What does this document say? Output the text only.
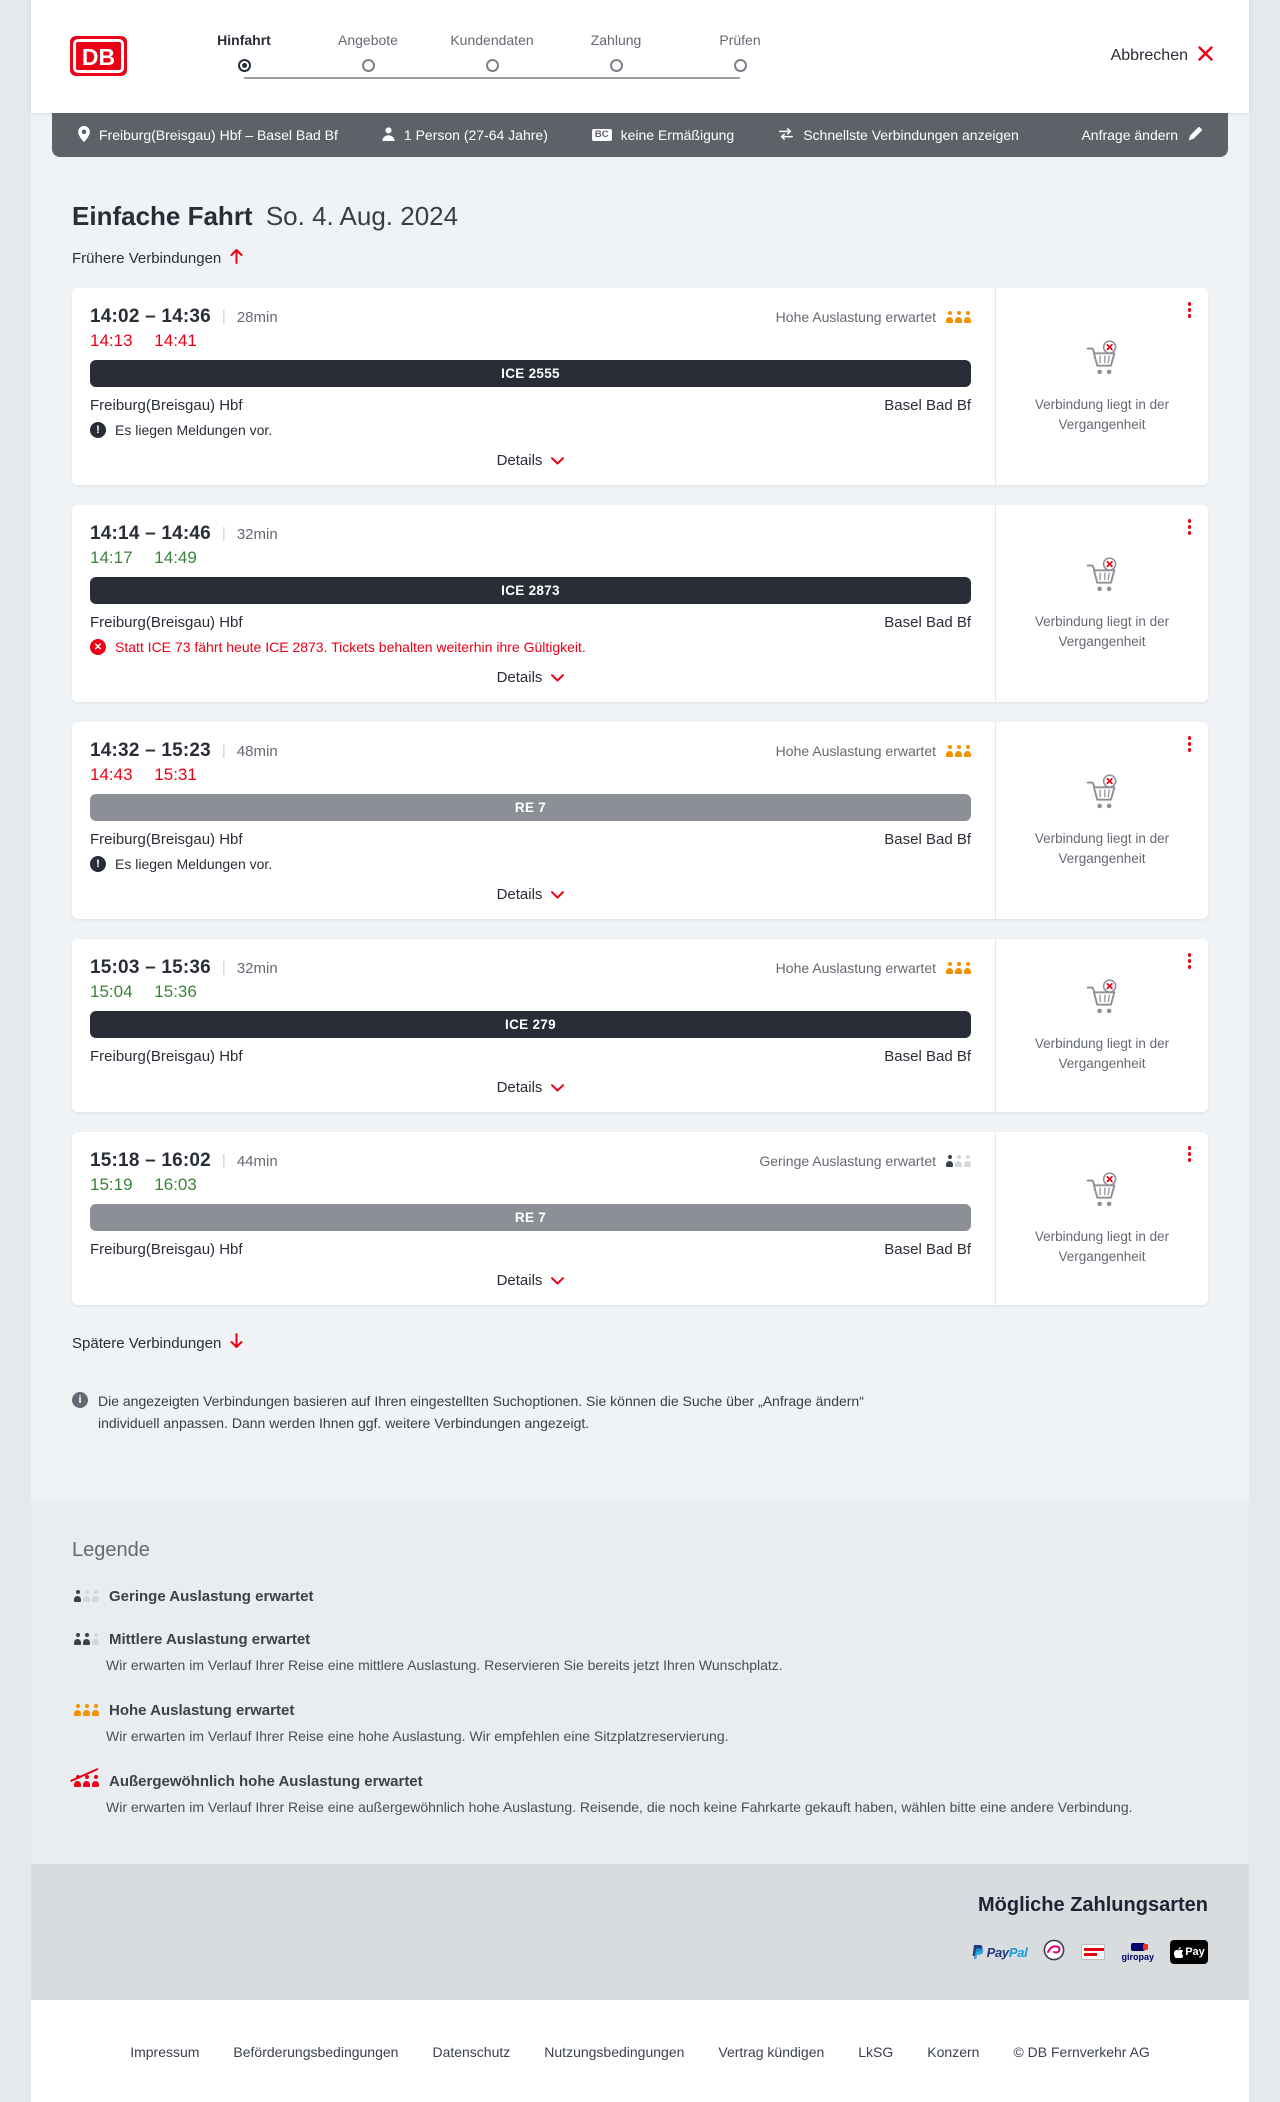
DB
Hinfahrt	Angebote	Kundendaten	Zahlung	Prüfen
Abbrechen
Freiburg(Breisgau) Hbf – Basel Bad Bf	1 Person (27-64 Jahre)	BC keine Ermäßigung	Schnellste Verbindungen anzeigen	Anfrage ändern
Einfache Fahrt So. 4. Aug. 2024
Frühere Verbindungen
14:02 – 14:36 | 28min	Hohe Auslastung erwartet
14:13 14:41
ICE 2555
Freiburg(Breisgau) Hbf	Basel Bad Bf
!
Es liegen Meldungen vor.
Details
Verbindung liegt in der Vergangenheit
14:14 – 14:46 | 32min
14:17 14:49
ICE 2873
Freiburg(Breisgau) Hbf	Basel Bad Bf
✕
Statt ICE 73 fährt heute ICE 2873. Tickets behalten weiterhin ihre Gültigkeit.
Details
Verbindung liegt in der Vergangenheit
14:32 – 15:23 | 48min	Hohe Auslastung erwartet
14:43 15:31
RE 7
Freiburg(Breisgau) Hbf	Basel Bad Bf
!
Es liegen Meldungen vor.
Details
Verbindung liegt in der Vergangenheit
15:03 – 15:36 | 32min	Hohe Auslastung erwartet
15:04 15:36
ICE 279
Freiburg(Breisgau) Hbf	Basel Bad Bf
Details
Verbindung liegt in der Vergangenheit
15:18 – 16:02 | 44min	Geringe Auslastung erwartet
15:19 16:03
RE 7
Freiburg(Breisgau) Hbf	Basel Bad Bf
Details
Verbindung liegt in der Vergangenheit
Spätere Verbindungen
i	Die angezeigten Verbindungen basieren auf Ihren eingestellten Suchoptionen. Sie können die Suche über „Anfrage ändern“ individuell anpassen. Dann werden Ihnen ggf. weitere Verbindungen angezeigt.
Legende
Geringe Auslastung erwartet
Mittlere Auslastung erwartet

Wir erwarten im Verlauf Ihrer Reise eine mittlere Auslastung. Reservieren Sie bereits jetzt Ihren Wunschplatz.

Hohe Auslastung erwartet

Wir erwarten im Verlauf Ihrer Reise eine hohe Auslastung. Wir empfehlen eine Sitzplatzreservierung.

Außergewöhnlich hohe Auslastung erwartet

Wir erwarten im Verlauf Ihrer Reise eine außergewöhnlich hohe Auslastung. Reisende, die noch keine Fahrkarte gekauft haben, wählen bitte eine andere Verbindung.

Mögliche Zahlungsarten
PayPal	giropay	Pay
Impressum Beförderungsbedingungen Datenschutz Nutzungsbedingungen Vertrag kündigen LkSG Konzern © DB Fernverkehr AG
